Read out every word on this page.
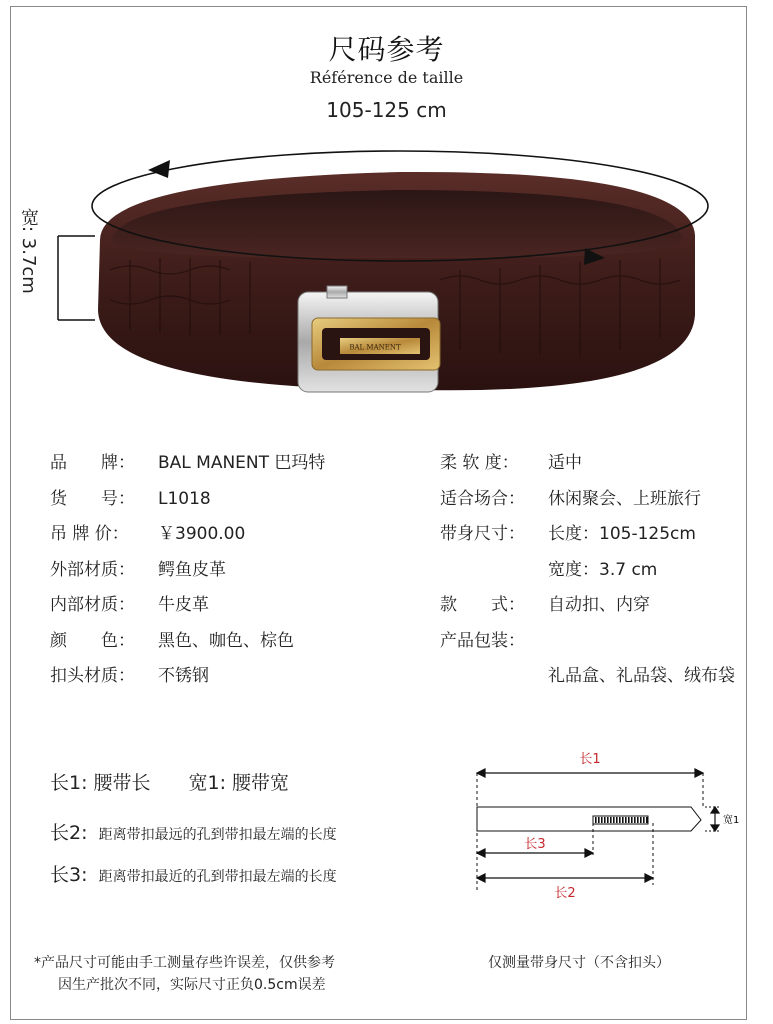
尺码参考
Référence de taille
105-125 cm
BAL MANENT
宽: 3.7cm
品　　牌： BAL MANENT 巴玛特
货　　号： L1018
吊 牌 价： ￥3900.00
外部材质： 鳄鱼皮革
内部材质： 牛皮革
颜　　色： 黑色、咖色、棕色
扣头材质： 不锈钢
柔 软 度： 适中
适合场合： 休闲聚会、上班旅行
带身尺寸： 长度：105-125cm
宽度：3.7 cm
款　　式： 自动扣、内穿
产品包装：
礼品盒、礼品袋、绒布袋
长1: 腰带长　　宽1: 腰带宽
长2: 距离带扣最远的孔到带扣最左端的长度
长3: 距离带扣最近的孔到带扣最左端的长度
长1
长3
长2
宽1
*产品尺寸可能由手工测量存些许误差，仅供参考
因生产批次不同，实际尺寸正负0.5cm误差
仅测量带身尺寸（不含扣头）
